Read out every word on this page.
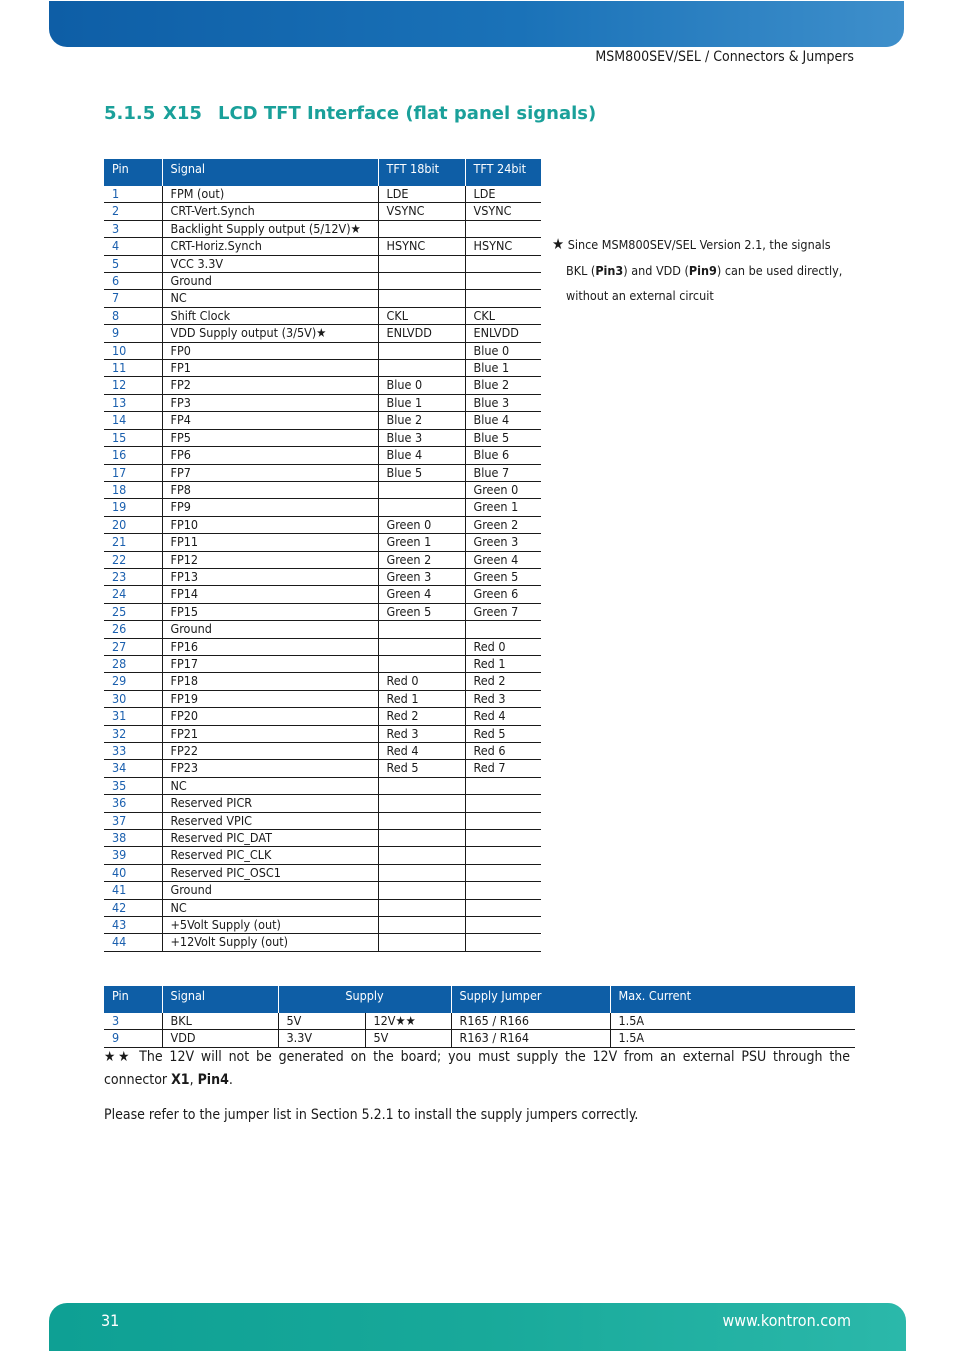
MSM800SEV/SEL / Connectors & Jumpers
5.1.5 X15 LCD TFT Interface (flat panel signals)
Pin	Signal	TFT 18bit	TFT 24bit
1	FPM (out)	LDE	LDE
2	CRT-Vert.Synch	VSYNC	VSYNC
3	Backlight Supply output (5/12V)★		
4	CRT-Horiz.Synch	HSYNC	HSYNC
5	VCC 3.3V		
6	Ground		
7	NC		
8	Shift Clock	CKL	CKL
9	VDD Supply output (3/5V)★	ENLVDD	ENLVDD
10	FP0		Blue 0
11	FP1		Blue 1
12	FP2	Blue 0	Blue 2
13	FP3	Blue 1	Blue 3
14	FP4	Blue 2	Blue 4
15	FP5	Blue 3	Blue 5
16	FP6	Blue 4	Blue 6
17	FP7	Blue 5	Blue 7
18	FP8		Green 0
19	FP9		Green 1
20	FP10	Green 0	Green 2
21	FP11	Green 1	Green 3
22	FP12	Green 2	Green 4
23	FP13	Green 3	Green 5
24	FP14	Green 4	Green 6
25	FP15	Green 5	Green 7
26	Ground		
27	FP16		Red 0
28	FP17		Red 1
29	FP18	Red 0	Red 2
30	FP19	Red 1	Red 3
31	FP20	Red 2	Red 4
32	FP21	Red 3	Red 5
33	FP22	Red 4	Red 6
34	FP23	Red 5	Red 7
35	NC		
36	Reserved PICR		
37	Reserved VPIC		
38	Reserved PIC_DAT		
39	Reserved PIC_CLK		
40	Reserved PIC_OSC1		
41	Ground		
42	NC		
43	+5Volt Supply (out)		
44	+12Volt Supply (out)		
★ Since MSM800SEV/SEL Version 2.1, the signals
BKL (Pin3) and VDD (Pin9) can be used directly,
without an external circuit
Pin	Signal	Supply		Supply Jumper	Max. Current
3	BKL	5V	12V★★	R165 / R166	1.5A
9	VDD	3.3V	5V	R163 / R164	1.5A
★★ The 12V will not be generated on the board; you must supply the 12V from an external PSU through the connector X1, Pin4.
Please refer to the jumper list in Section 5.2.1 to install the supply jumpers correctly.
31	www.kontron.com
